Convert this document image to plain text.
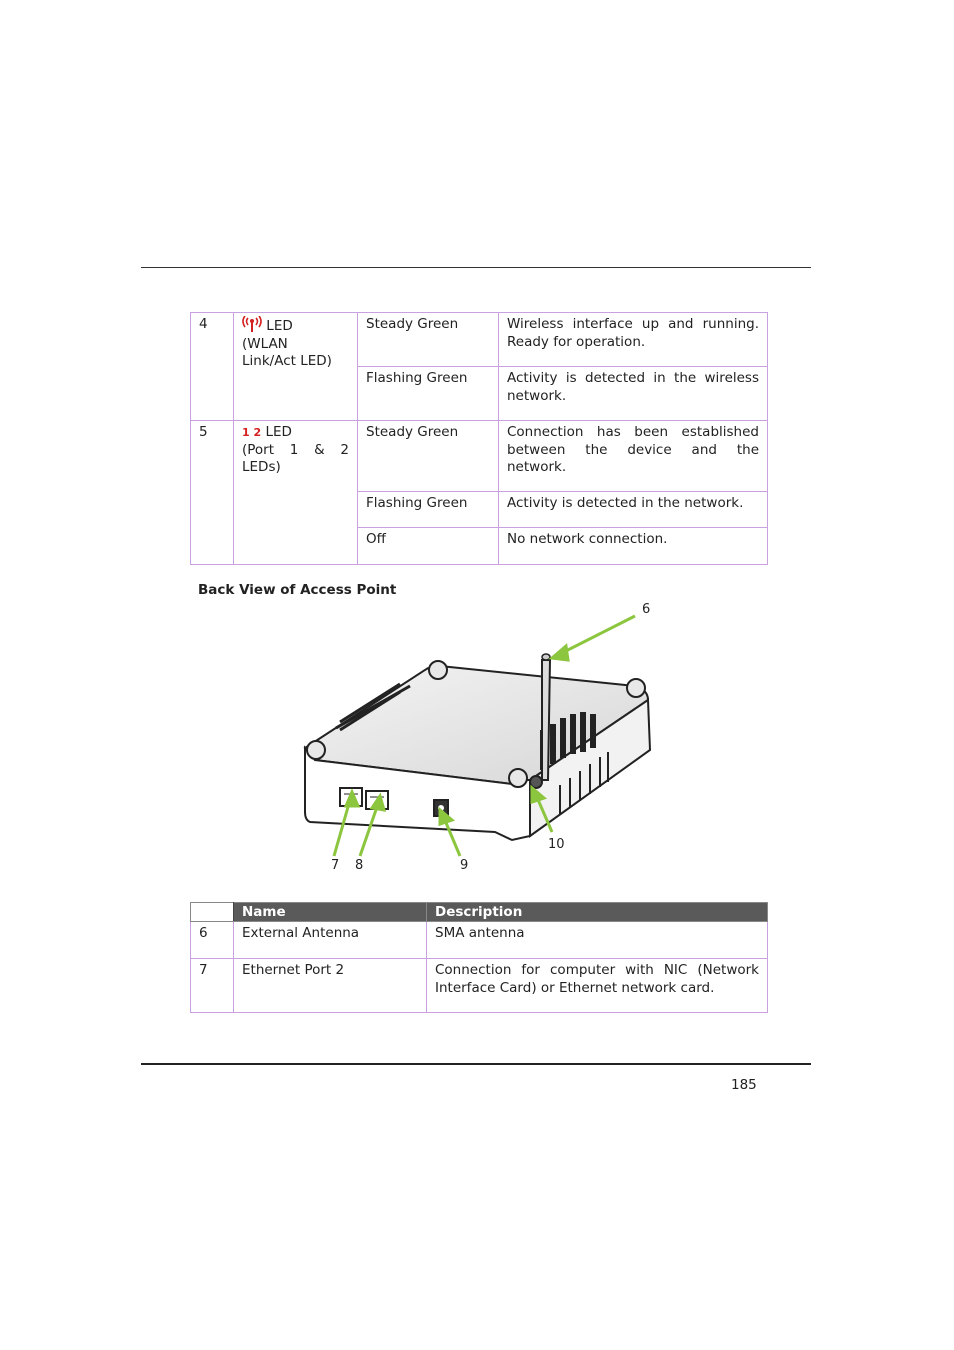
4	LED
(WLAN
Link/Act LED)	Steady Green	Wireless interface up and running. Ready for operation.
		Flashing Green	Activity is detected in the wireless network.
5	1 2 LED

(Port 1 & 2
LEDs)	Steady Green	Connection has been established between the device and the network.
		Flashing Green	Activity is detected in the network.
		Off	No network connection.
Back View of Access Point
6
7 8	9
10
	Name	Description
6	External Antenna	SMA antenna
7	Ethernet Port 2	Connection for computer with NIC (Network Interface Card) or Ethernet network card.
185
